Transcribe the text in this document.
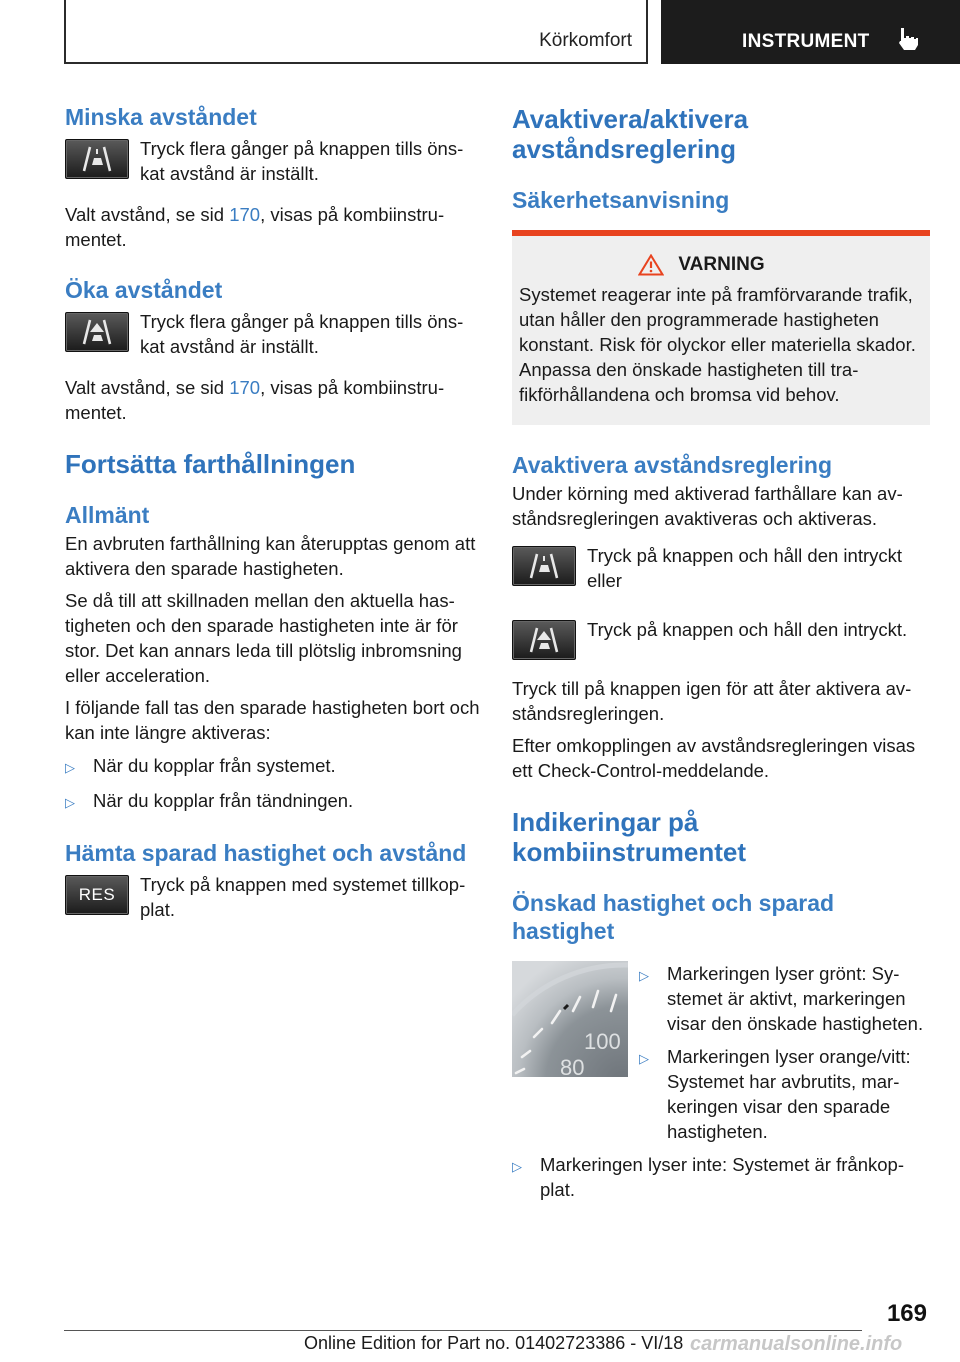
Körkomfort	INSTRUMENT
Minska avståndet
Tryck flera gånger på knappen tills önskat avstånd är inställt.

Valt avstånd, se sid 170, visas på kombiinstrumentet.

Öka avståndet
Tryck flera gånger på knappen tills önskat avstånd är inställt.

Valt avstånd, se sid 170, visas på kombiinstrumentet.

Fortsätta farthållningen
Allmänt

En avbruten farthållning kan återupptas genom att aktivera den sparade hastigheten.

Se då till att skillnaden mellan den aktuella hastigheten och den sparade hastigheten inte är för stor. Det kan annars leda till plötslig inbromsning eller acceleration.

I följande fall tas den sparade hastigheten bort och kan inte längre aktiveras:

▷ När du kopplar från systemet.
▷ När du kopplar från tändningen.
Hämta sparad hastighet och avstånd
RES Tryck på knappen med systemet tillkopplat.
Avaktivera/aktivera avståndsreglering
Säkerhetsanvisning
VARNING

Systemet reagerar inte på framförvarande trafik, utan håller den programmerade hastigheten konstant. Risk för olyckor eller materiella skador. Anpassa den önskade hastigheten till trafikförhållandena och bromsa vid behov.

Avaktivera avståndsreglering

Under körning med aktiverad farthållare kan avståndsregleringen avaktiveras och aktiveras.

Tryck på knappen och håll den intryckt eller
Tryck på knappen och håll den intryckt.

Tryck till på knappen igen för att åter aktivera avståndsregleringen.

Efter omkopplingen av avståndsregleringen visas ett Check-Control-meddelande.

Indikeringar på kombiinstrumentet
Önskad hastighet och sparad hastighet
100
80
▷ Markeringen lyser grönt: Systemet är aktivt, markeringen visar den önskade hastigheten.
▷ Markeringen lyser orange/vitt: Systemet har avbrutits, markeringen visar den sparade hastigheten.
▷ Markeringen lyser inte: Systemet är frånkopplat.
169
Online Edition for Part no. 01402723386 - VI/18 carmanualsonline.info
